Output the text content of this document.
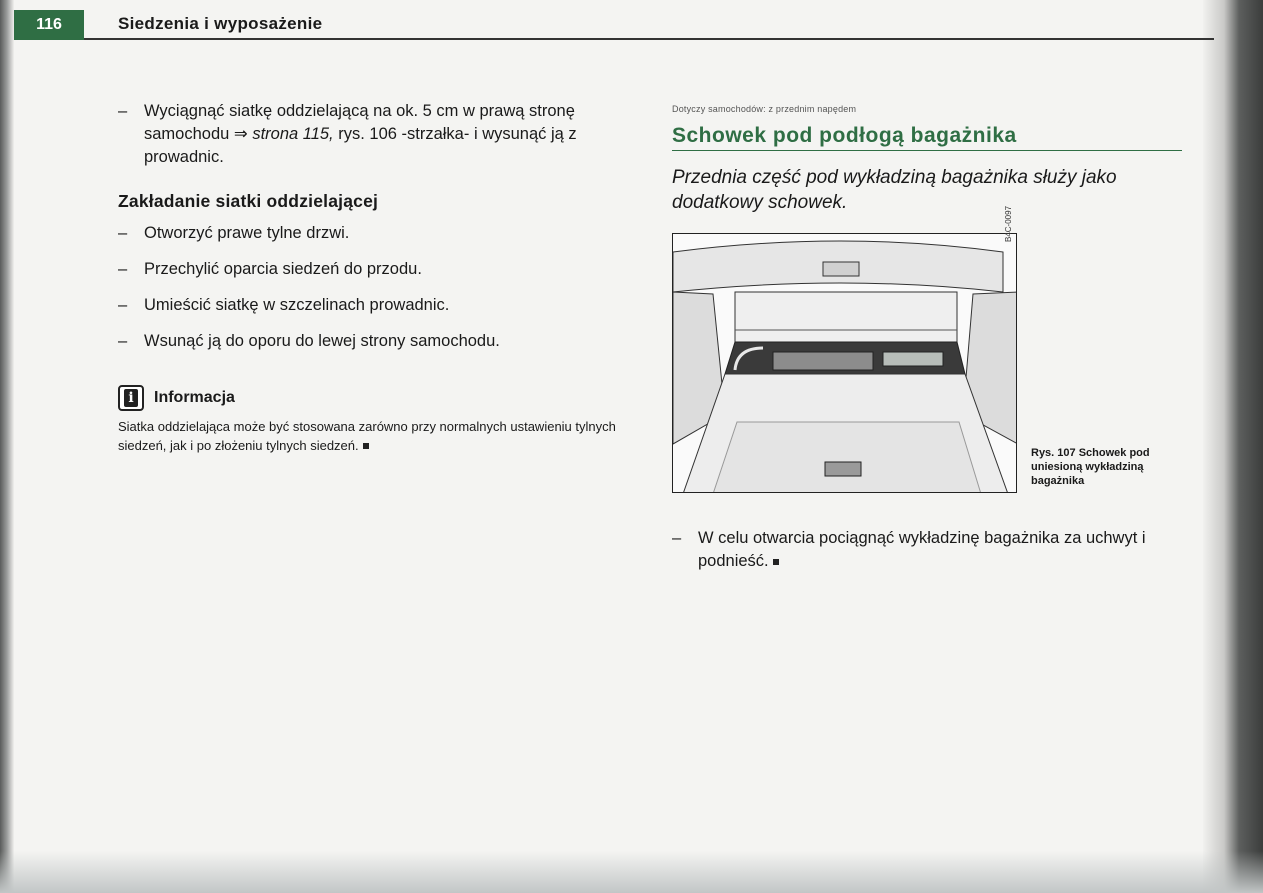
116	Siedzenia i wyposażenie
– Wyciągnąć siatkę oddzielającą na ok. 5 cm w prawą stronę samochodu ⇒ strona 115, rys. 106 -strzałka- i wysunąć ją z prowadnic.
Zakładanie siatki oddzielającej
– Otworzyć prawe tylne drzwi.
– Przechylić oparcia siedzeń do przodu.
– Umieścić siatkę w szczelinach prowadnic.
– Wsunąć ją do oporu do lewej strony samochodu.
i Informacja
Siatka oddzielająca może być stosowana zarówno przy normalnych ustawieniu tylnych siedzeń, jak i po złożeniu tylnych siedzeń.
Dotyczy samochodów: z przednim napędem
Schowek pod podłogą bagażnika
Przednia część pod wykładziną bagażnika służy jako dodatkowy schowek.
B4C-0097
Rys. 107 Schowek pod uniesioną wykładziną bagażnika
– W celu otwarcia pociągnąć wykładzinę bagażnika za uchwyt i podnieść.
